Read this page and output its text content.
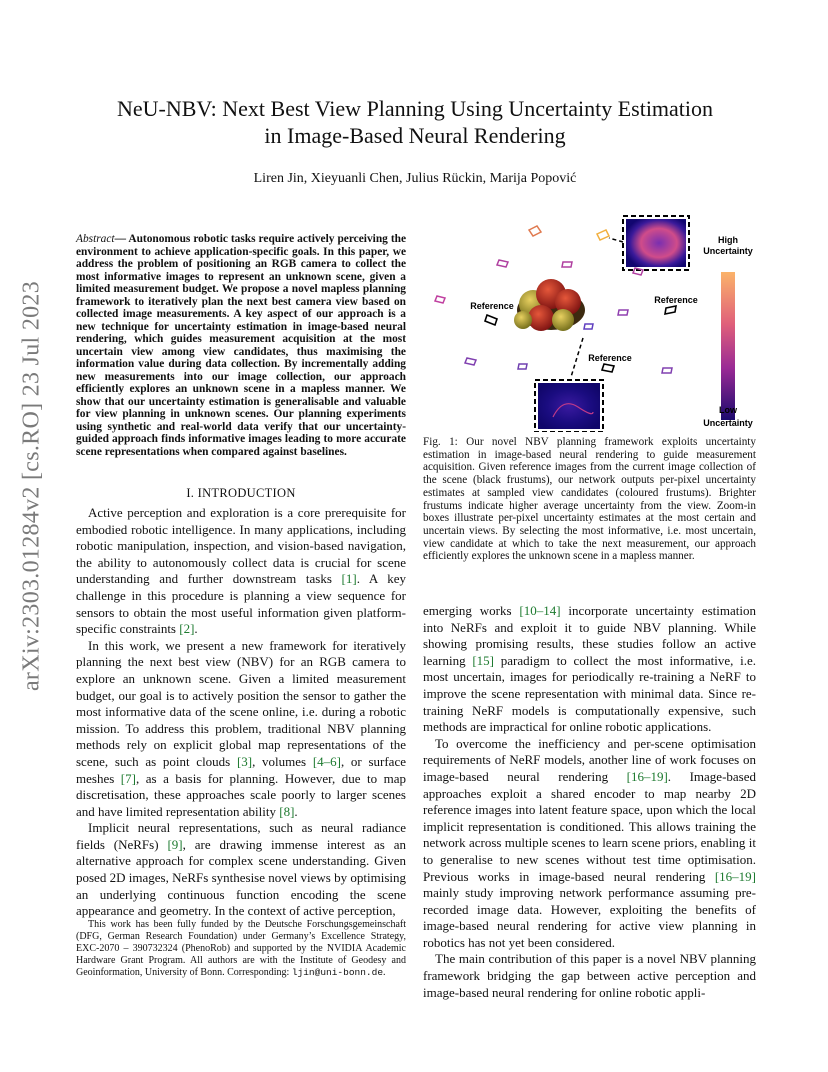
arXiv:2303.01284v2 [cs.RO] 23 Jul 2023
NeU-NBV: Next Best View Planning Using Uncertainty Estimation
in Image-Based Neural Rendering
Liren Jin, Xieyuanli Chen, Julius Rückin, Marija Popović
Abstract— Autonomous robotic tasks require actively perceiving the environment to achieve application-specific goals. In this paper, we address the problem of positioning an RGB camera to collect the most informative images to represent an unknown scene, given a limited measurement budget. We propose a novel mapless planning framework to iteratively plan the next best camera view based on collected image measurements. A key aspect of our approach is a new technique for uncertainty estimation in image-based neural rendering, which guides measurement acquisition at the most uncertain view among view candidates, thus maximising the information value during data collection. By incrementally adding new measurements into our image collection, our approach efficiently explores an unknown scene in a mapless manner. We show that our uncertainty estimation is generalisable and valuable for view planning in unknown scenes. Our planning experiments using synthetic and real-world data verify that our uncertainty-guided approach finds informative images leading to more accurate scene representations when compared against baselines.
I. INTRODUCTION

Active perception and exploration is a core prerequisite for embodied robotic intelligence. In many applications, including robotic manipulation, inspection, and vision-based navigation, the ability to autonomously collect data is crucial for scene understanding and further downstream tasks [1]. A key challenge in this procedure is planning a view sequence for sensors to obtain the most useful information given platform-specific constraints [2].

In this work, we present a new framework for iteratively planning the next best view (NBV) for an RGB camera to explore an unknown scene. Given a limited measurement budget, our goal is to actively position the sensor to gather the most informative data of the scene online, i.e. during a robotic mission. To address this problem, traditional NBV planning methods rely on explicit global map representations of the scene, such as point clouds [3], volumes [4–6], or surface meshes [7], as a basis for planning. However, due to map discretisation, these approaches scale poorly to larger scenes and have limited representation ability [8].

Implicit neural representations, such as neural radiance fields (NeRFs) [9], are drawing immense interest as an alternative approach for complex scene understanding. Given posed 2D images, NeRFs synthesise novel views by optimising an underlying continuous function encoding the scene appearance and geometry. In the context of active perception,

This work has been fully funded by the Deutsche Forschungsgemeinschaft (DFG, German Research Foundation) under Germany’s Excellence Strategy, EXC-2070 – 390732324 (PhenoRob) and supported by the NVIDIA Academic Hardware Grant Program. All authors are with the Institute of Geodesy and Geoinformation, University of Bonn. Corresponding: ljin@uni-bonn.de.
High
Uncertainty
Low
Uncertainty
Reference
Reference
Reference
Fig. 1: Our novel NBV planning framework exploits uncertainty estimation in image-based neural rendering to guide measurement acquisition. Given reference images from the current image collection of the scene (black frustums), our network outputs per-pixel uncertainty estimates at sampled view candidates (coloured frustums). Brighter frustums indicate higher average uncertainty from the view. Zoom-in boxes illustrate per-pixel uncertainty estimates at the most certain and uncertain views. By selecting the most informative, i.e. most uncertain, view candidate at which to take the next measurement, our approach efficiently explores the unknown scene in a mapless manner.

emerging works [10–14] incorporate uncertainty estimation into NeRFs and exploit it to guide NBV planning. While showing promising results, these studies follow an active learning [15] paradigm to collect the most informative, i.e. most uncertain, images for periodically re-training a NeRF to improve the scene representation with minimal data. Since re-training NeRF models is computationally expensive, such methods are impractical for online robotic applications.

To overcome the inefficiency and per-scene optimisation requirements of NeRF models, another line of work focuses on image-based neural rendering [16–19]. Image-based approaches exploit a shared encoder to map nearby 2D reference images into latent feature space, upon which the local implicit representation is conditioned. This allows training the network across multiple scenes to learn scene priors, enabling it to generalise to new scenes without test time optimisation. Previous works in image-based neural rendering [16–19] mainly study improving network performance assuming pre-recorded image data. However, exploiting the benefits of image-based neural rendering for active view planning in robotics has not yet been considered.

The main contribution of this paper is a novel NBV planning framework bridging the gap between active perception and image-based neural rendering for online robotic appli-
